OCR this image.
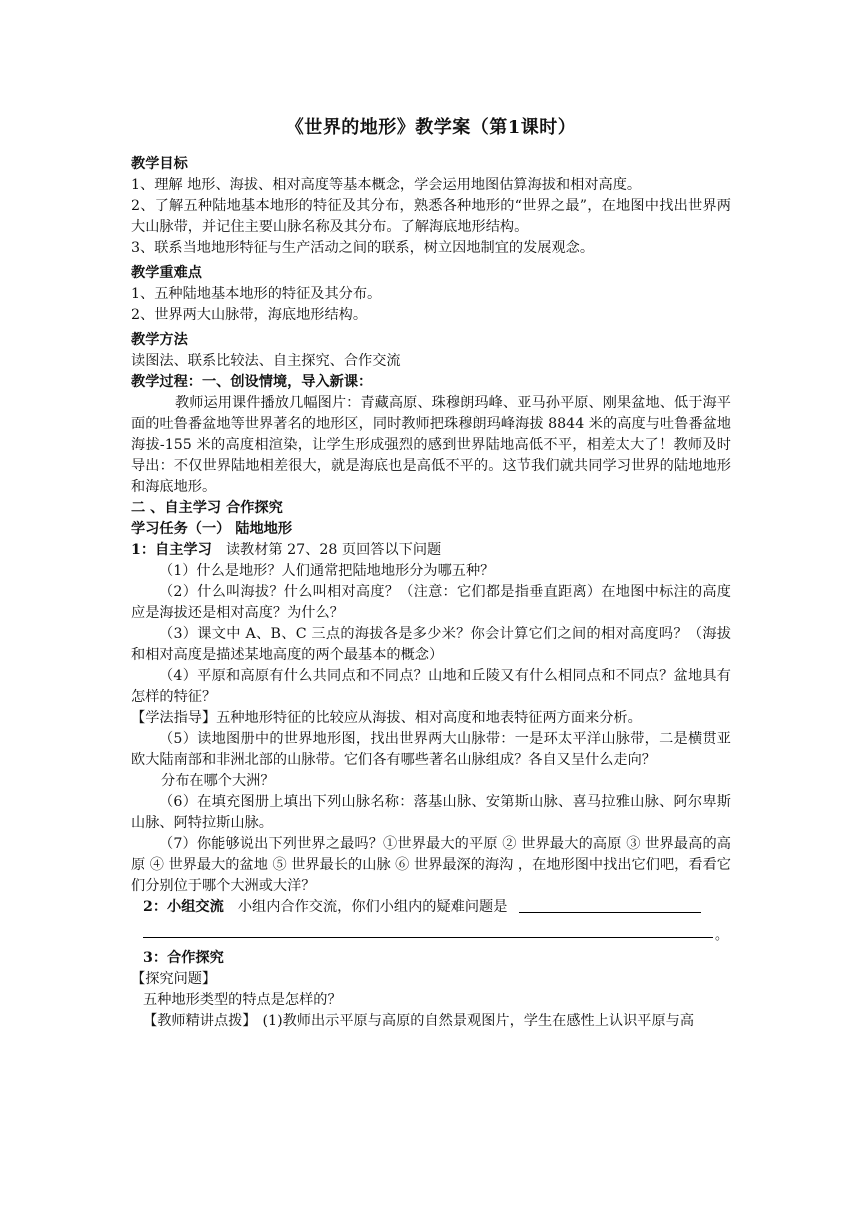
《世界的地形》教学案（第1课时）

教学目标

1、理解 地形、海拔、相对高度等基本概念，学会运用地图估算海拔和相对高度。

2、了解五种陆地基本地形的特征及其分布，熟悉各种地形的“世界之最”，在地图中找出世界两大山脉带，并记住主要山脉名称及其分布。了解海底地形结构。

3、联系当地地形特征与生产活动之间的联系，树立因地制宜的发展观念。

教学重难点

1、五种陆地基本地形的特征及其分布。

2、世界两大山脉带，海底地形结构。

教学方法

读图法、联系比较法、自主探究、合作交流

教学过程：一、创设情境，导入新课：

教师运用课件播放几幅图片：青藏高原、珠穆朗玛峰、亚马孙平原、刚果盆地、低于海平面的吐鲁番盆地等世界著名的地形区，同时教师把珠穆朗玛峰海拔 8844 米的高度与吐鲁番盆地海拔-155 米的高度相渲染，让学生形成强烈的感到世界陆地高低不平，相差太大了！教师及时导出：不仅世界陆地相差很大，就是海底也是高低不平的。这节我们就共同学习世界的陆地地形和海底地形。

二 、自主学习 合作探究

学习任务（一） 陆地地形

1：自主学习 读教材第 27、28 页回答以下问题

（1）什么是地形？人们通常把陆地地形分为哪五种？

（2）什么叫海拔？什么叫相对高度？（注意：它们都是指垂直距离）在地图中标注的高度应是海拔还是相对高度？为什么？

（3）课文中 A、B、C 三点的海拔各是多少米？你会计算它们之间的相对高度吗？（海拔和相对高度是描述某地高度的两个最基本的概念）

（4）平原和高原有什么共同点和不同点？山地和丘陵又有什么相同点和不同点？盆地具有怎样的特征？

【学法指导】五种地形特征的比较应从海拔、相对高度和地表特征两方面来分析。

（5）读地图册中的世界地形图，找出世界两大山脉带：一是环太平洋山脉带，二是横贯亚欧大陆南部和非洲北部的山脉带。它们各有哪些著名山脉组成？各自又呈什么走向？

分布在哪个大洲？

（6）在填充图册上填出下列山脉名称：落基山脉、安第斯山脉、喜马拉雅山脉、阿尔卑斯山脉、阿特拉斯山脉。

（7）你能够说出下列世界之最吗？①世界最大的平原 ② 世界最大的高原 ③ 世界最高的高原 ④ 世界最大的盆地 ⑤ 世界最长的山脉 ⑥ 世界最深的海沟 ，在地形图中找出它们吧，看看它们分别位于哪个大洲或大洋？

2：小组交流 小组内合作交流，你们小组内的疑难问题是

。

3：合作探究

【探究问题】

五种地形类型的特点是怎样的？

【教师精讲点拨】 (1)教师出示平原与高原的自然景观图片，学生在感性上认识平原与高
